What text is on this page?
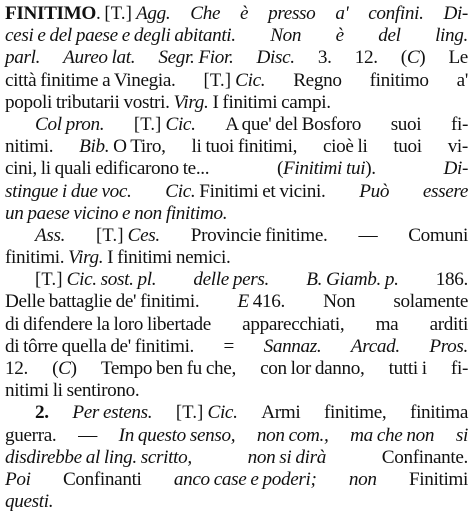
FINITIMO. [T.] Agg. Che è presso a' confini. Di-
cesi e del paese e degli abitanti. Non è del ling.
parl. Aureo lat. Segr. Fior. Disc. 3. 12. (C) Le
città finitime a Vinegia. [T.] Cic. Regno finitimo a'
popoli tributarii vostri. Virg. I finitimi campi.
Col pron. [T.] Cic. A que' del Bosforo suoi fi-
nitimi. Bib. O Tiro, li tuoi finitimi, cioè li tuoi vi-
cini, li quali edificarono te...	(Finitimi tui).	Di-
stingue i due voc. Cic. Finitimi et vicini. Può essere
un paese vicino e non finitimo.
Ass. [T.] Ces. Provincie finitime. — Comuni
finitimi. Virg. I finitimi nemici.
[T.] Cic. sost. pl. delle pers. B. Giamb. p. 186.
Delle battaglie de' finitimi. E 416. Non solamente
di difendere la loro libertade apparecchiati, ma arditi
di tôrre quella de' finitimi. = Sannaz. Arcad. Pros.
12. (C) Tempo ben fu che, con lor danno, tutti i fi-
nitimi li sentirono.
2. Per estens. [T.] Cic. Armi finitime, finitima
guerra. — In questo senso, non com., ma che non si
disdirebbe al ling. scritto,	non si dirà	Confinante.
Poi Confinanti anco case e poderi; non Finitimi
questi.
